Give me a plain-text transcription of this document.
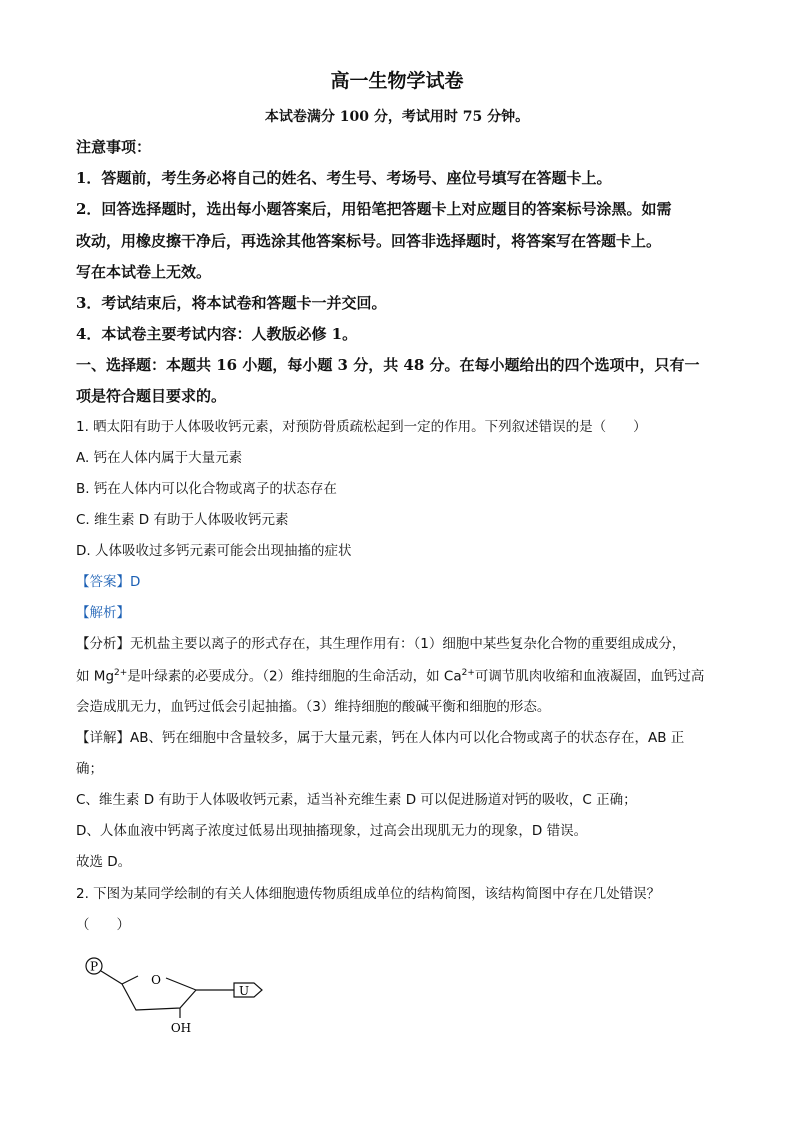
高一生物学试卷
本试卷满分 100 分，考试用时 75 分钟。
注意事项：
1．答题前，考生务必将自己的姓名、考生号、考场号、座位号填写在答题卡上。
2．回答选择题时，选出每小题答案后，用铅笔把答题卡上对应题目的答案标号涂黑。如需
改动，用橡皮擦干净后，再选涂其他答案标号。回答非选择题时，将答案写在答题卡上。
写在本试卷上无效。
3．考试结束后，将本试卷和答题卡一并交回。
4．本试卷主要考试内容：人教版必修 1。
一、选择题：本题共 16 小题，每小题 3 分，共 48 分。在每小题给出的四个选项中，只有一
项是符合题目要求的。
1. 晒太阳有助于人体吸收钙元素，对预防骨质疏松起到一定的作用。下列叙述错误的是（　　）
A. 钙在人体内属于大量元素
B. 钙在人体内可以化合物或离子的状态存在
C. 维生素 D 有助于人体吸收钙元素
D. 人体吸收过多钙元素可能会出现抽搐的症状
【答案】D
【解析】
【分析】无机盐主要以离子的形式存在，其生理作用有：（1）细胞中某些复杂化合物的重要组成成分，
如 $Mg^{2+}$是叶绿素的必要成分。（2）维持细胞的生命活动，如 $Ca^{2+}$可调节肌肉收缩和血液凝固，血钙过高
会造成肌无力，血钙过低会引起抽搐。（3）维持细胞的酸碱平衡和细胞的形态。
【详解】AB、钙在细胞中含量较多，属于大量元素，钙在人体内可以化合物或离子的状态存在，AB 正
确；
C、维生素 D 有助于人体吸收钙元素，适当补充维生素 D 可以促进肠道对钙的吸收，C 正确；
D、人体血液中钙离子浓度过低易出现抽搐现象，过高会出现肌无力的现象，D 错误。
故选 D。
2. 下图为某同学绘制的有关人体细胞遗传物质组成单位的结构简图，该结构简图中存在几处错误？
（　　）
P
O
OH
U
